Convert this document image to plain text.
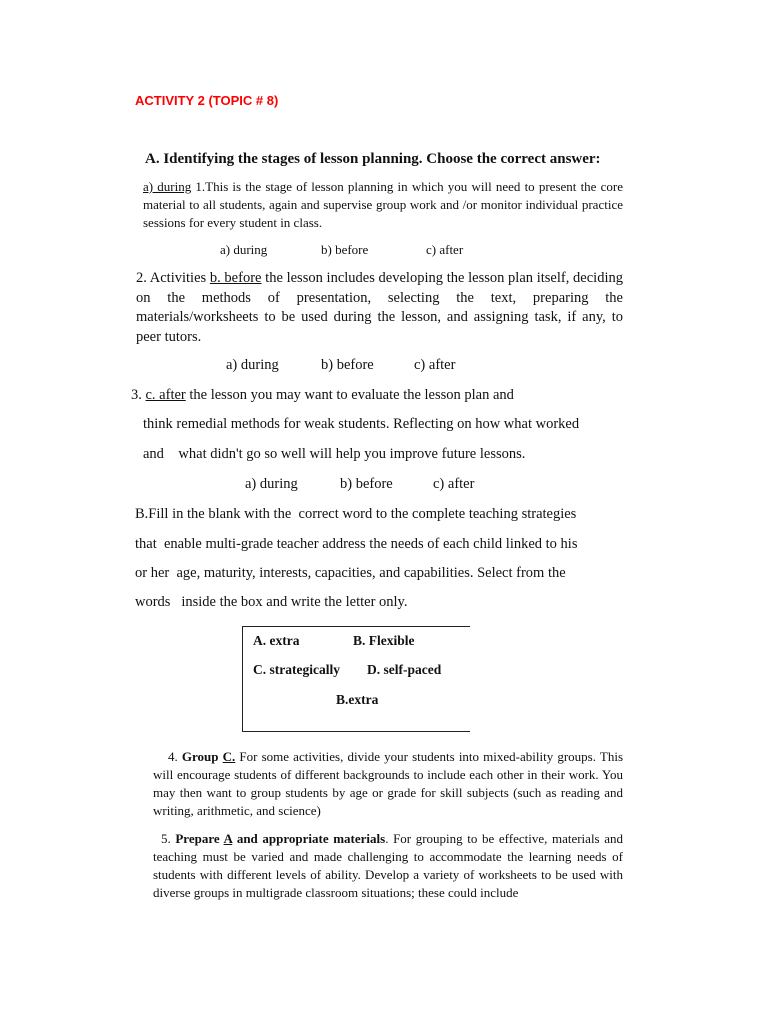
ACTIVITY 2 (TOPIC # 8)
A. Identifying the stages of lesson planning. Choose the correct answer:
a) during 1.This is the stage of lesson planning in which you will need to present the core material to all students, again and supervise group work and /or monitor individual practice sessions for every student in class.
a) during	b) before	c) after
2. Activities b. before the lesson includes developing the lesson plan itself, deciding on the methods of presentation, selecting the text, preparing the materials/worksheets to be used during the lesson, and assigning task, if any, to peer tutors.
a) during	b) before	c) after
3. c. after the lesson you may want to evaluate the lesson plan and
think remedial methods for weak students. Reflecting on how what worked
and    what didn't go so well will help you improve future lessons.
a) during	b) before	c) after
B.Fill in the blank with the  correct word to the complete teaching strategies
that  enable multi-grade teacher address the needs of each child linked to his
or her  age, maturity, interests, capacities, and capabilities. Select from the
words   inside the box and write the letter only.
A. extra	B. Flexible
C. strategically D. self-paced
B.extra
4. Group C. For some activities, divide your students into mixed-ability groups. This will encourage students of different backgrounds to include each other in their work. You may then want to group students by age or grade for skill subjects (such as reading and writing, arithmetic, and science)
5. Prepare A and appropriate materials. For grouping to be effective, materials and teaching must be varied and made challenging to accommodate the learning needs of students with different levels of ability. Develop a variety of worksheets to be used with diverse groups in multigrade classroom situations; these could include
